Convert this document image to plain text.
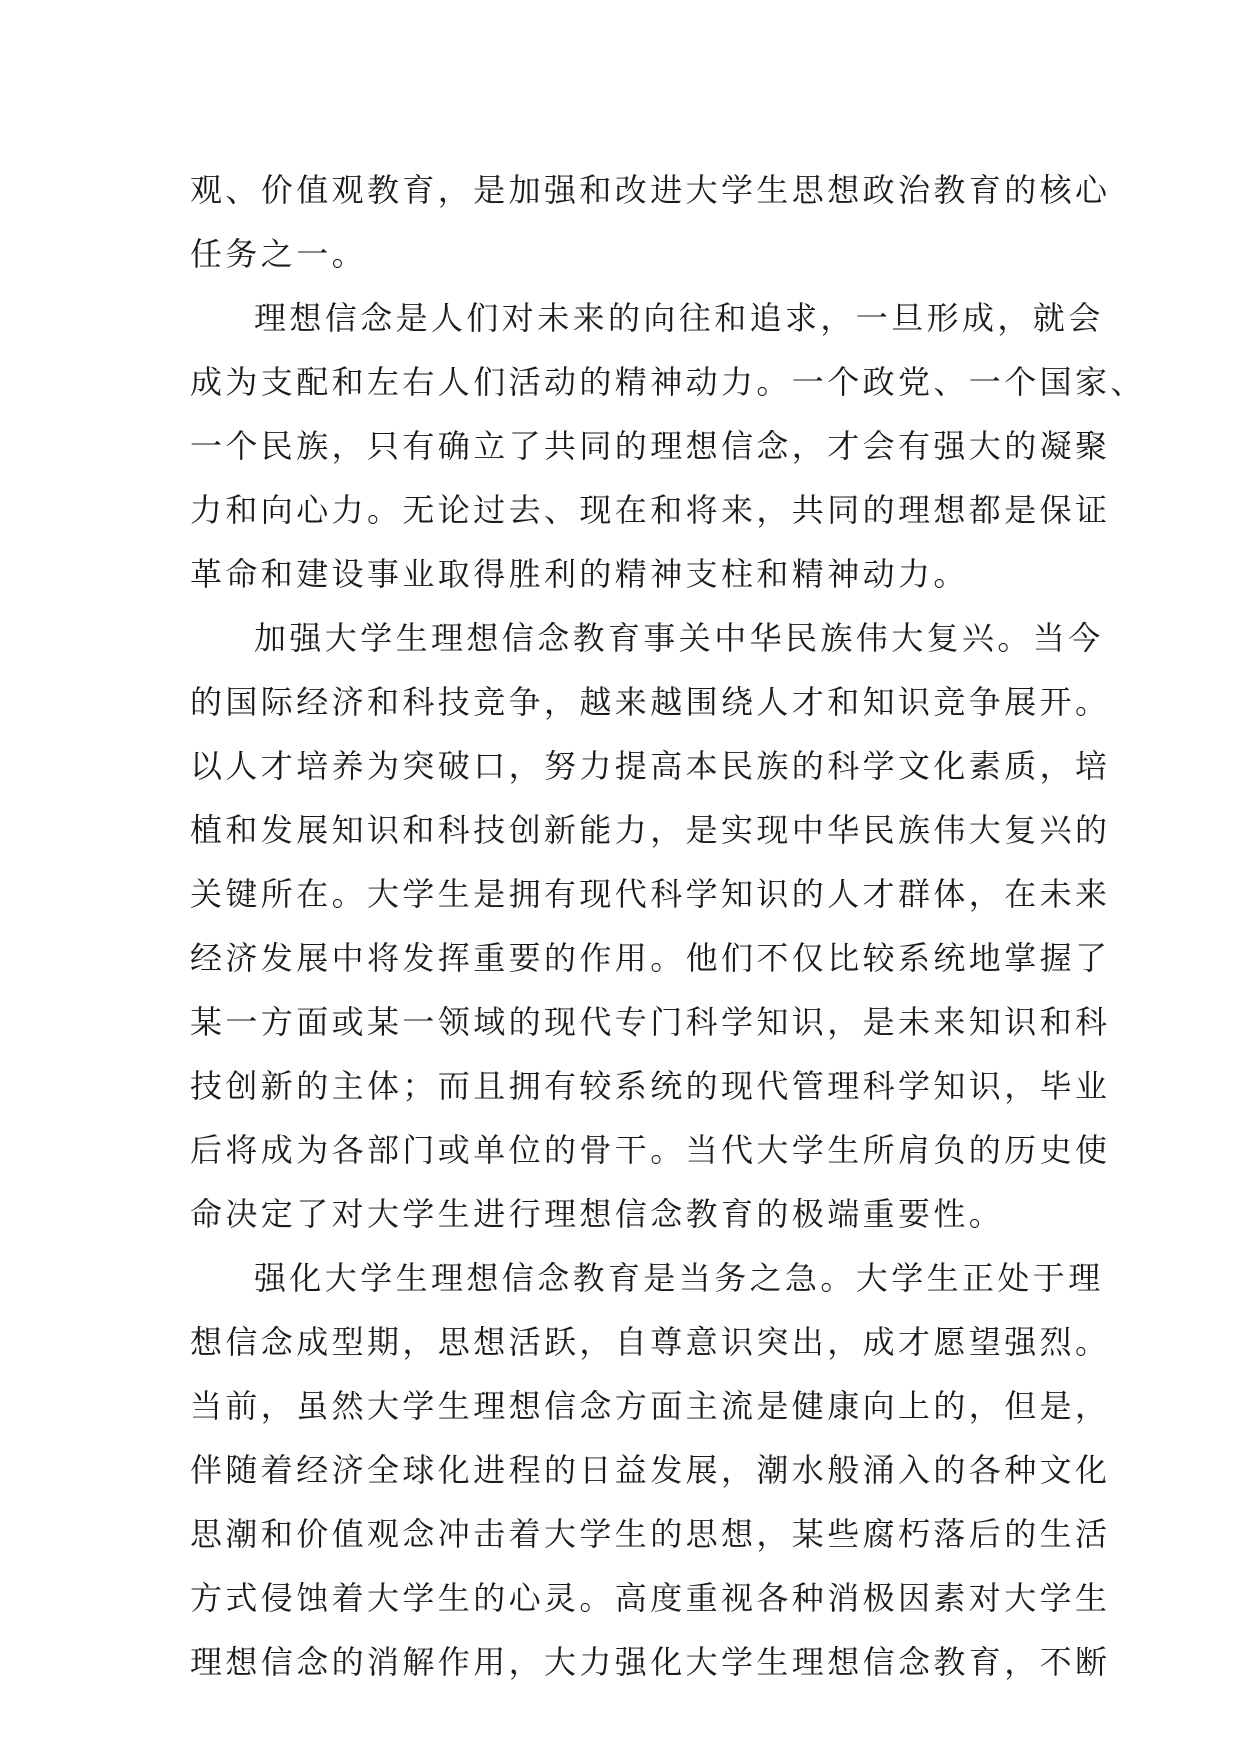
观、价值观教育，是加强和改进大学生思想政治教育的核心
任务之一。
理想信念是人们对未来的向往和追求，一旦形成，就会
成为支配和左右人们活动的精神动力。一个政党、一个国家、
一个民族，只有确立了共同的理想信念，才会有强大的凝聚
力和向心力。无论过去、现在和将来，共同的理想都是保证
革命和建设事业取得胜利的精神支柱和精神动力。
加强大学生理想信念教育事关中华民族伟大复兴。当今
的国际经济和科技竞争，越来越围绕人才和知识竞争展开。
以人才培养为突破口，努力提高本民族的科学文化素质，培
植和发展知识和科技创新能力，是实现中华民族伟大复兴的
关键所在。大学生是拥有现代科学知识的人才群体，在未来
经济发展中将发挥重要的作用。他们不仅比较系统地掌握了
某一方面或某一领域的现代专门科学知识，是未来知识和科
技创新的主体；而且拥有较系统的现代管理科学知识，毕业
后将成为各部门或单位的骨干。当代大学生所肩负的历史使
命决定了对大学生进行理想信念教育的极端重要性。
强化大学生理想信念教育是当务之急。大学生正处于理
想信念成型期，思想活跃，自尊意识突出，成才愿望强烈。
当前，虽然大学生理想信念方面主流是健康向上的，但是，
伴随着经济全球化进程的日益发展，潮水般涌入的各种文化
思潮和价值观念冲击着大学生的思想，某些腐朽落后的生活
方式侵蚀着大学生的心灵。高度重视各种消极因素对大学生
理想信念的消解作用，大力强化大学生理想信念教育，不断
